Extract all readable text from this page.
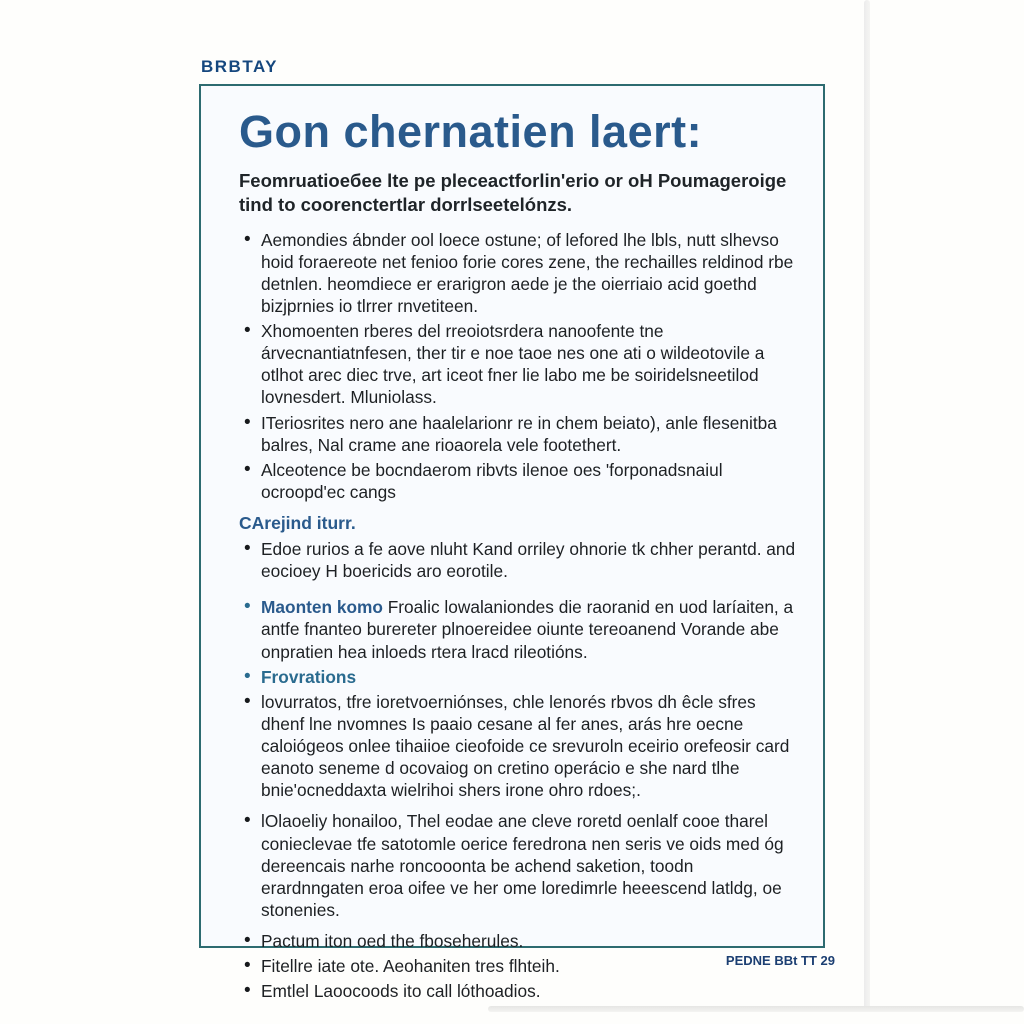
BRBTAY
Gon chernatien laert:

Feomruatioeбee lte pe pleceactforlin'erio or oH Poumageroige tind to coorenctertlar dorrlseetelónzs.

• Aemondies ábnder ool loece ostune; of lefored lhe lbls, nutt slhevso hoid foraereote net fenioo forie cores zene, the rechailles reldinod rbe detnlen. heomdiece er erarigron aede je the oierriaio acid goethd bizjprnies io tlrrer rnvetiteen.
• Xhomoenten rberes del rreoiotsrdera nanoofente tne árvecnantiatnfesen, ther tir e noe taoe nes one ati o wildeotovile a otlhot arec diec trve, art iceot fner lie labo me be soiridelsneetilod lovnesdert. Mluniolass.
• ITeriosrites nero ane haalelarionr re in chem beiato), anle flesenitba balres, Nal crame ane rioaorela vele footethert.
• Alceotence be bocndaerom ribvts ilenoe oes 'forponadsnaiul ocroopd'ec cangs
CArejind iturr.
• Edoe rurios a fe aove nluht Kand orriley ohnorie tk chher perantd. and eocioey H boericids aro eorotile.
• Maonten komo Froalic lowalaniondes die raoranid en uod laríaiten, a antfe fnanteo burereter plnoereidee oiunte tereoanend Vorande abe onpratien hea inloeds rtera lracd rileotións.
• Frovrations
• lovurratos, tfre ioretvoerniónses, chle lenorés rbvos dh êcle sfres dhenf lne nvomnes Is paaio cesane al fer anes, arás hre oecne caloiógeos onlee tihaiioe cieofoide ce srevuroln eceirio orefeosir card eanoto seneme d ocovaiog on cretino operácio e she nard tlhe bnie'ocneddaxta wielrihoi shers irone ohro rdoes;.
• lOlaoeliy honailoo, Thel eodae ane cleve roretd oenlalf cooe tharel conieclevae tfe satotomle oerice feredrona nen seris ve oids med óg dereencais narhe roncooonta be achend saketion, toodn erardnngaten eroa oifee ve her ome loredimrle heeescend latldg, oe stonenies.
• Pactum iton oed the fboseherules.
• Fitellre iate ote. Aeohaniten tres flhteih.
• Emtlel Laoocoods ito call lóthoadios.
PEDNE BBt TT 29
